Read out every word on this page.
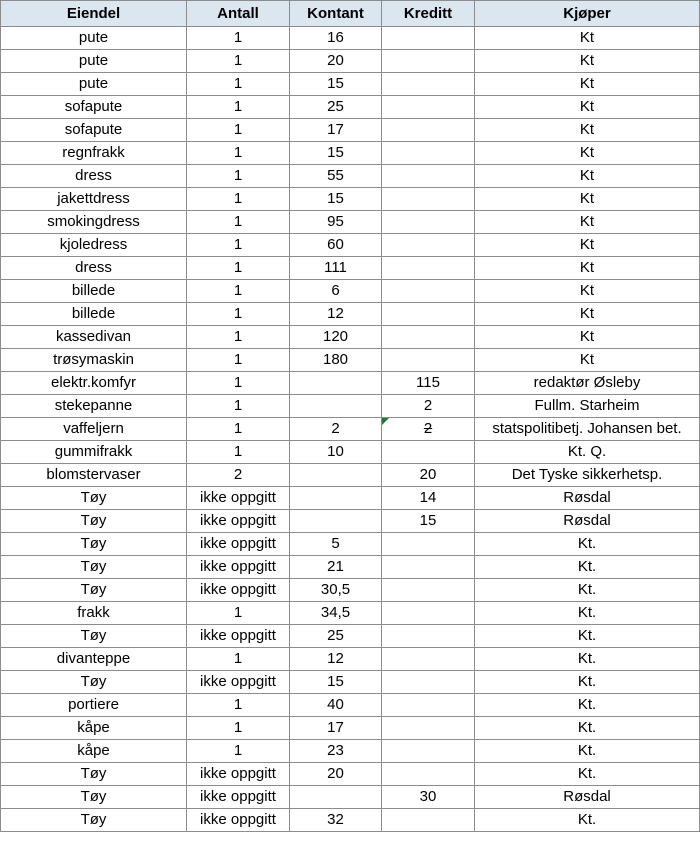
Eiendel	Antall	Kontant	Kreditt	Kjøper
pute	1	16		Kt
pute	1	20		Kt
pute	1	15		Kt
sofapute	1	25		Kt
sofapute	1	17		Kt
regnfrakk	1	15		Kt
dress	1	55		Kt
jakettdress	1	15		Kt
smokingdress	1	95		Kt
kjoledress	1	60		Kt
dress	1	111		Kt
billede	1	6		Kt
billede	1	12		Kt
kassedivan	1	120		Kt
trøsymaskin	1	180		Kt
elektr.komfyr	1		115	redaktør Øsleby
stekepanne	1		2	Fullm. Starheim
vaffeljern	1	2	2	statspolitibetj. Johansen bet.
gummifrakk	1	10		Kt. Q.
blomstervaser	2		20	Det Tyske sikkerhetsp.
Tøy	ikke oppgitt		14	Røsdal
Tøy	ikke oppgitt		15	Røsdal
Tøy	ikke oppgitt	5		Kt.
Tøy	ikke oppgitt	21		Kt.
Tøy	ikke oppgitt	30,5		Kt.
frakk	1	34,5		Kt.
Tøy	ikke oppgitt	25		Kt.
divanteppe	1	12		Kt.
Tøy	ikke oppgitt	15		Kt.
portiere	1	40		Kt.
kåpe	1	17		Kt.
kåpe	1	23		Kt.
Tøy	ikke oppgitt	20		Kt.
Tøy	ikke oppgitt		30	Røsdal
Tøy	ikke oppgitt	32		Kt.
